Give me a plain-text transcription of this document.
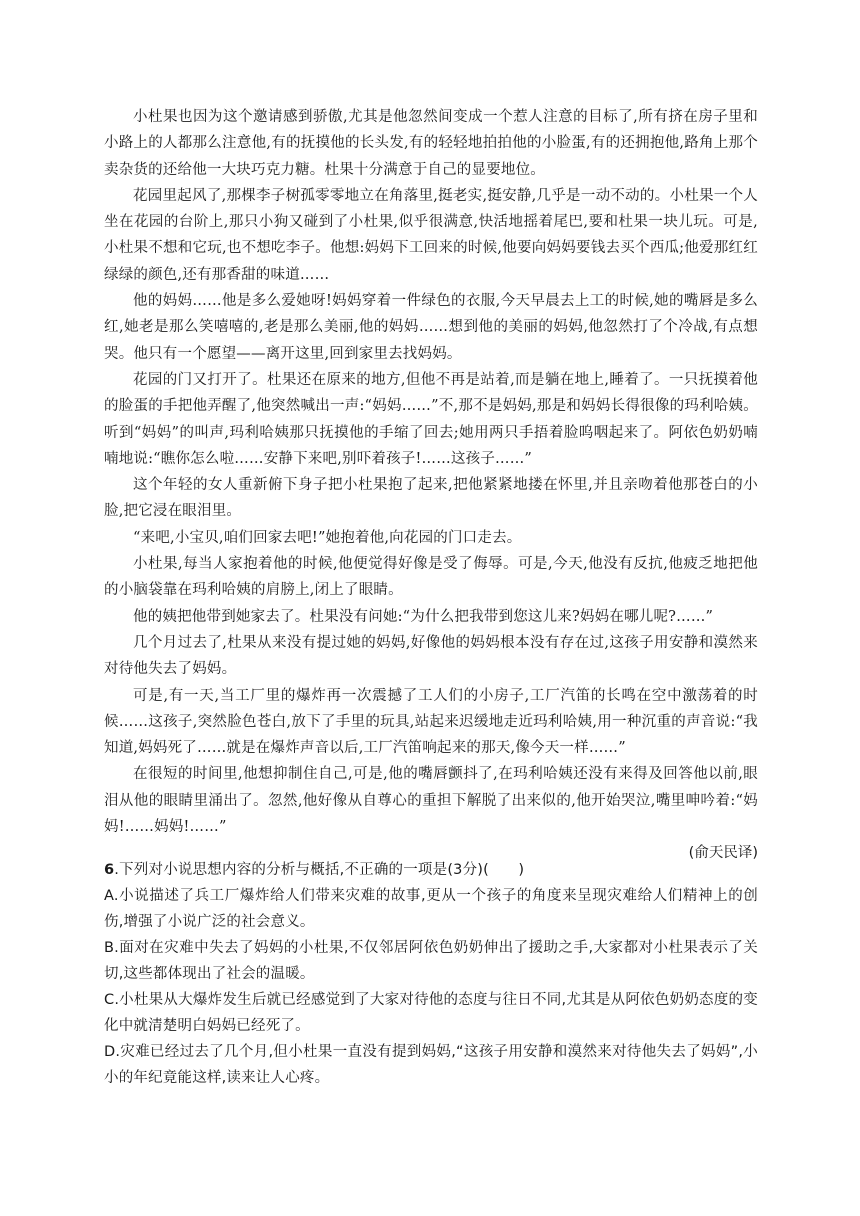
小杜果也因为这个邀请感到骄傲,尤其是他忽然间变成一个惹人注意的目标了,所有挤在房子里和小路上的人都那么注意他,有的抚摸他的长头发,有的轻轻地拍拍他的小脸蛋,有的还拥抱他,路角上那个卖杂货的还给他一大块巧克力糖。杜果十分满意于自己的显要地位。

花园里起风了,那棵李子树孤零零地立在角落里,挺老实,挺安静,几乎是一动不动的。小杜果一个人坐在花园的台阶上,那只小狗又碰到了小杜果,似乎很满意,快活地摇着尾巴,要和杜果一块儿玩。可是,小杜果不想和它玩,也不想吃李子。他想:妈妈下工回来的时候,他要向妈妈要钱去买个西瓜;他爱那红红绿绿的颜色,还有那香甜的味道……

他的妈妈……他是多么爱她呀!妈妈穿着一件绿色的衣服,今天早晨去上工的时候,她的嘴唇是多么红,她老是那么笑嘻嘻的,老是那么美丽,他的妈妈……想到他的美丽的妈妈,他忽然打了个冷战,有点想哭。他只有一个愿望——离开这里,回到家里去找妈妈。

花园的门又打开了。杜果还在原来的地方,但他不再是站着,而是躺在地上,睡着了。一只抚摸着他的脸蛋的手把他弄醒了,他突然喊出一声:“妈妈……”不,那不是妈妈,那是和妈妈长得很像的玛利哈姨。听到“妈妈”的叫声,玛利哈姨那只抚摸他的手缩了回去;她用两只手捂着脸呜咽起来了。阿依色奶奶喃喃地说:“瞧你怎么啦……安静下来吧,别吓着孩子!……这孩子……”

这个年轻的女人重新俯下身子把小杜果抱了起来,把他紧紧地搂在怀里,并且亲吻着他那苍白的小脸,把它浸在眼泪里。

“来吧,小宝贝,咱们回家去吧!”她抱着他,向花园的门口走去。

小杜果,每当人家抱着他的时候,他便觉得好像是受了侮辱。可是,今天,他没有反抗,他疲乏地把他的小脑袋靠在玛利哈姨的肩膀上,闭上了眼睛。

他的姨把他带到她家去了。杜果没有问她:“为什么把我带到您这儿来?妈妈在哪儿呢?……”

几个月过去了,杜果从来没有提过她的妈妈,好像他的妈妈根本没有存在过,这孩子用安静和漠然来对待他失去了妈妈。

可是,有一天,当工厂里的爆炸再一次震撼了工人们的小房子,工厂汽笛的长鸣在空中激荡着的时候……这孩子,突然脸色苍白,放下了手里的玩具,站起来迟缓地走近玛利哈姨,用一种沉重的声音说:“我知道,妈妈死了……就是在爆炸声音以后,工厂汽笛响起来的那天,像今天一样……”

在很短的时间里,他想抑制住自己,可是,他的嘴唇颤抖了,在玛利哈姨还没有来得及回答他以前,眼泪从他的眼睛里涌出了。忽然,他好像从自尊心的重担下解脱了出来似的,他开始哭泣,嘴里呻吟着:“妈妈!……妈妈!……”

(俞天民译)

6.下列对小说思想内容的分析与概括,不正确的一项是(3分)(　　)

A.小说描述了兵工厂爆炸给人们带来灾难的故事,更从一个孩子的角度来呈现灾难给人们精神上的创伤,增强了小说广泛的社会意义。

B.面对在灾难中失去了妈妈的小杜果,不仅邻居阿依色奶奶伸出了援助之手,大家都对小杜果表示了关切,这些都体现出了社会的温暖。

C.小杜果从大爆炸发生后就已经感觉到了大家对待他的态度与往日不同,尤其是从阿依色奶奶态度的变化中就清楚明白妈妈已经死了。

D.灾难已经过去了几个月,但小杜果一直没有提到妈妈,“这孩子用安静和漠然来对待他失去了妈妈”,小小的年纪竟能这样,读来让人心疼。
